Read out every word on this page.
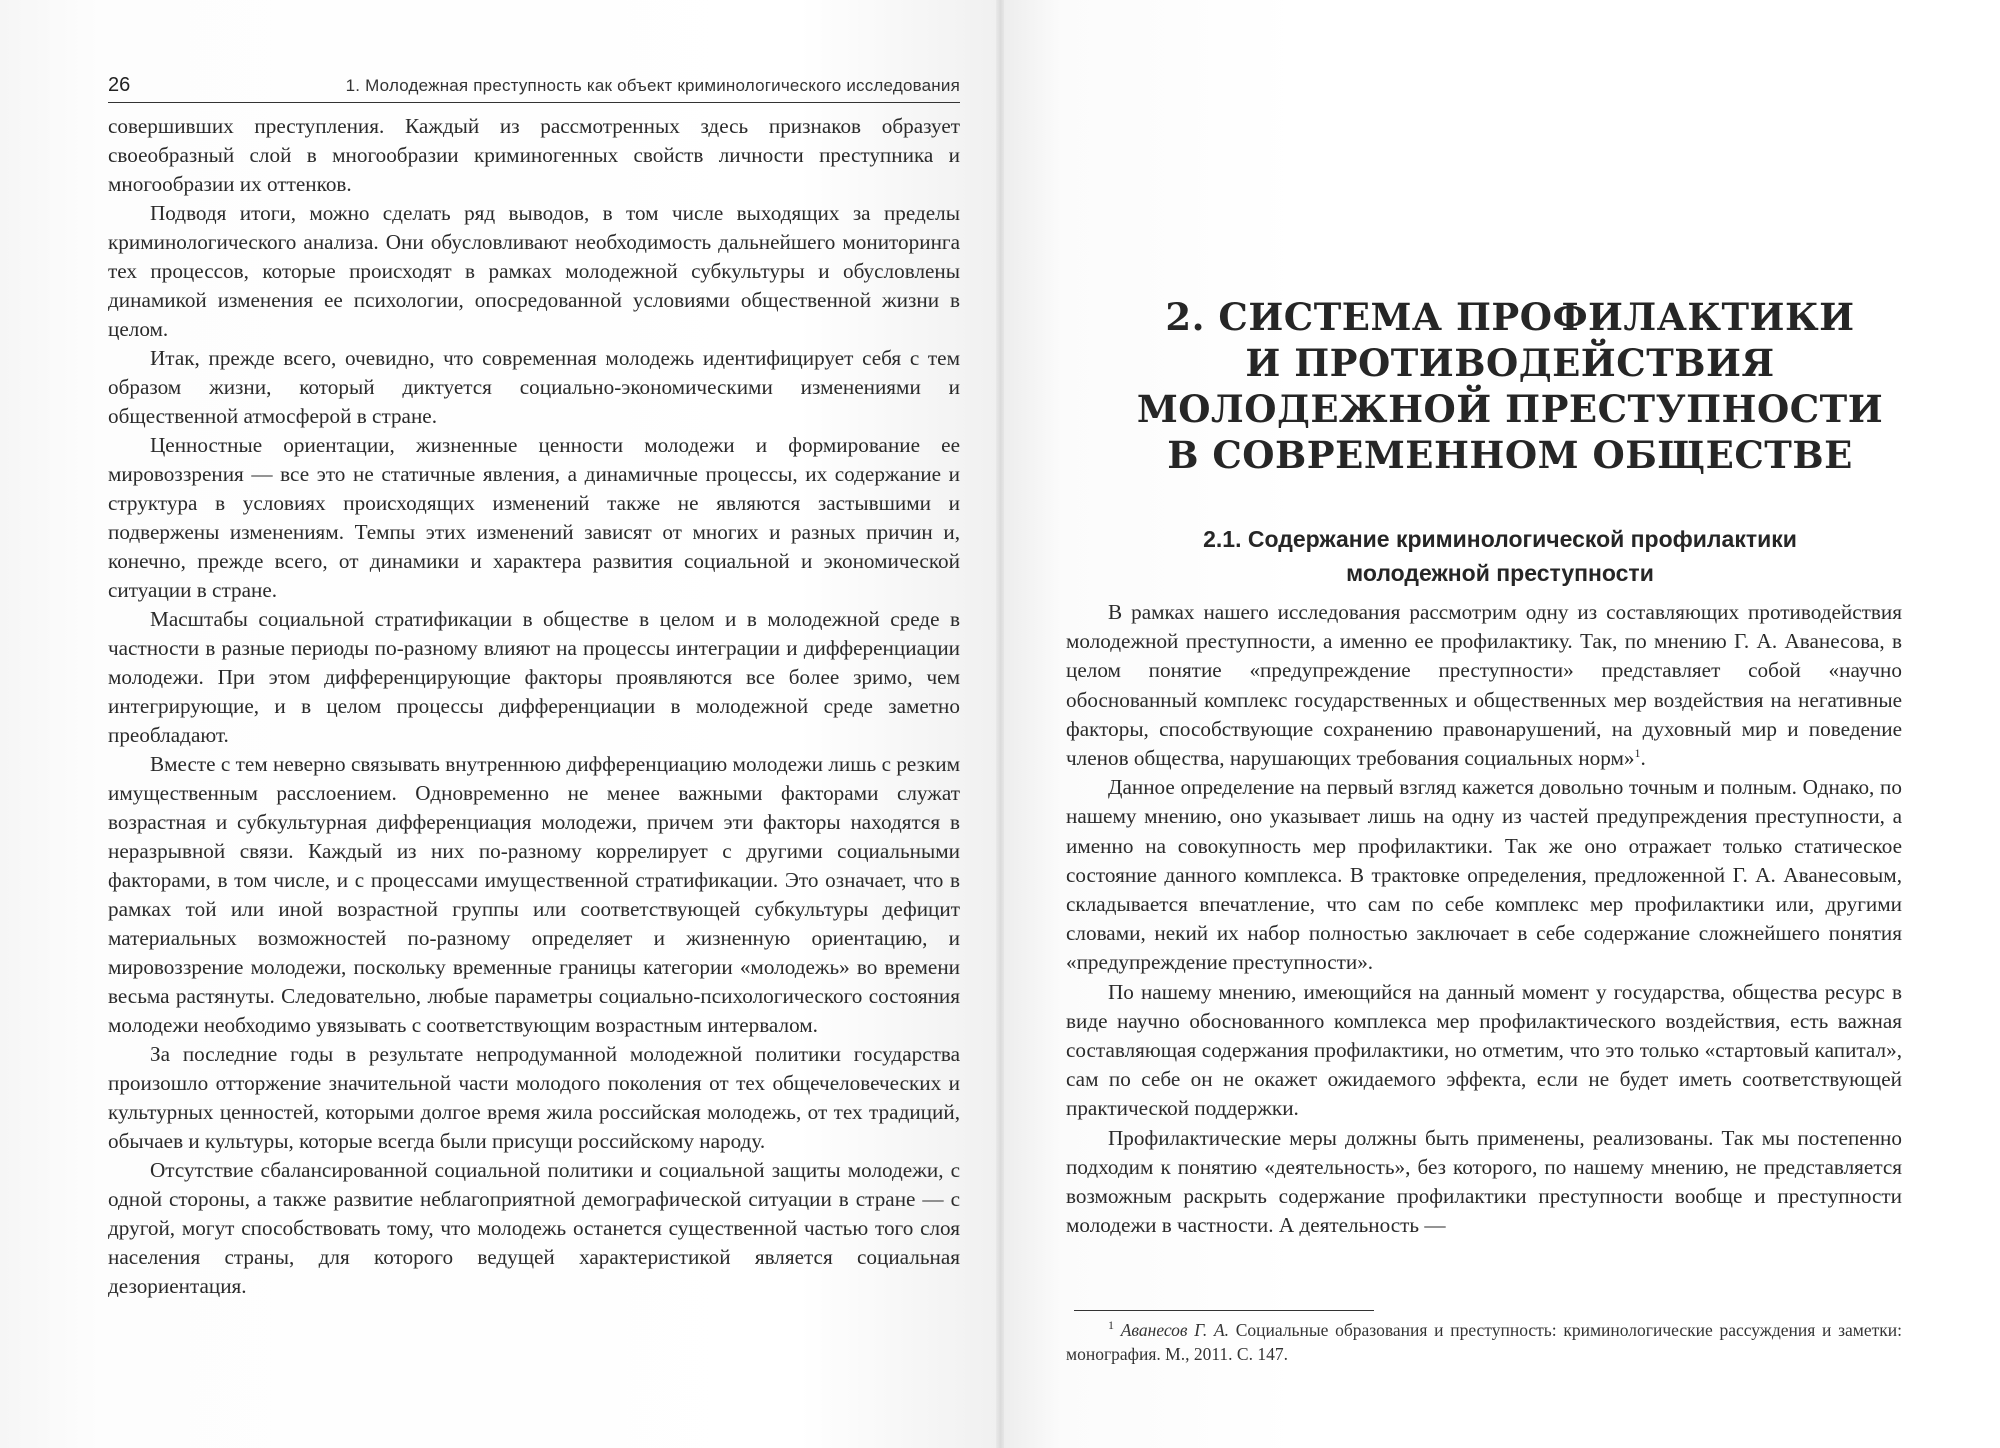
26	1. Молодежная преступность как объект криминологического исследования

совершивших преступления. Каждый из рассмотренных здесь признаков образует своеобразный слой в многообразии криминогенных свойств личности преступника и многообразии их оттенков.

Подводя итоги, можно сделать ряд выводов, в том числе выходящих за пределы криминологического анализа. Они обусловливают необходимость дальнейшего мониторинга тех процессов, которые происходят в рамках молодежной субкультуры и обусловлены динамикой изменения ее психологии, опосредованной условиями общественной жизни в целом.

Итак, прежде всего, очевидно, что современная молодежь идентифицирует себя с тем образом жизни, который диктуется социально-экономическими изменениями и общественной атмосферой в стране.

Ценностные ориентации, жизненные ценности молодежи и формирование ее мировоззрения — все это не статичные явления, а динамичные процессы, их содержание и структура в условиях происходящих изменений также не являются застывшими и подвержены изменениям. Темпы этих изменений зависят от многих и разных причин и, конечно, прежде всего, от динамики и характера развития социальной и экономической ситуации в стране.

Масштабы социальной стратификации в обществе в целом и в молодежной среде в частности в разные периоды по-разному влияют на процессы интеграции и дифференциации молодежи. При этом дифференцирующие факторы проявляются все более зримо, чем интегрирующие, и в целом процессы дифференциации в молодежной среде заметно преобладают.

Вместе с тем неверно связывать внутреннюю дифференциацию молодежи лишь с резким имущественным расслоением. Одновременно не менее важными факторами служат возрастная и субкультурная дифференциация молодежи, причем эти факторы находятся в неразрывной связи. Каждый из них по-разному коррелирует с другими социальными факторами, в том числе, и с процессами имущественной стратификации. Это означает, что в рамках той или иной возрастной группы или соответствующей субкультуры дефицит материальных возможностей по-разному определяет и жизненную ориентацию, и мировоззрение молодежи, поскольку временные границы категории «молодежь» во времени весьма растянуты. Следовательно, любые параметры социально-психологического состояния молодежи необходимо увязывать с соответствующим возрастным интервалом.

За последние годы в результате непродуманной молодежной политики государства произошло отторжение значительной части молодого поколения от тех общечеловеческих и культурных ценностей, которыми долгое время жила российская молодежь, от тех традиций, обычаев и культуры, которые всегда были присущи российскому народу.

Отсутствие сбалансированной социальной политики и социальной защиты молодежи, с одной стороны, а также развитие неблагоприятной демографической ситуации в стране — с другой, могут способствовать тому, что молодежь останется существенной частью того слоя населения страны, для которого ведущей характеристикой является социальная дезориентация.

2. СИСТЕМА ПРОФИЛАКТИКИ
И ПРОТИВОДЕЙСТВИЯ
МОЛОДЕЖНОЙ ПРЕСТУПНОСТИ
В СОВРЕМЕННОМ ОБЩЕСТВЕ
2.1. Содержание криминологической профилактики
молодежной преступности

В рамках нашего исследования рассмотрим одну из составляющих противодействия молодежной преступности, а именно ее профилактику. Так, по мнению Г. А. Аванесова, в целом понятие «предупреждение преступности» представляет собой «научно обоснованный комплекс государственных и общественных мер воздействия на негативные факторы, способствующие сохранению правонарушений, на духовный мир и поведение членов общества, нарушающих требования социальных норм»$^1$.

Данное определение на первый взгляд кажется довольно точным и полным. Однако, по нашему мнению, оно указывает лишь на одну из частей предупреждения преступности, а именно на совокупность мер профилактики. Так же оно отражает только статическое состояние данного комплекса. В трактовке определения, предложенной Г. А. Аванесовым, складывается впечатление, что сам по себе комплекс мер профилактики или, другими словами, некий их набор полностью заключает в себе содержание сложнейшего понятия «предупреждение преступности».

По нашему мнению, имеющийся на данный момент у государства, общества ресурс в виде научно обоснованного комплекса мер профилактического воздействия, есть важная составляющая содержания профилактики, но отметим, что это только «стартовый капитал», сам по себе он не окажет ожидаемого эффекта, если не будет иметь соответствующей практической поддержки.

Профилактические меры должны быть применены, реализованы. Так мы постепенно подходим к понятию «деятельность», без которого, по нашему мнению, не представляется возможным раскрыть содержание профилактики преступности вообще и преступности молодежи в частности. А деятельность —

$^1$ Аванесов Г. А. Социальные образования и преступность: криминологические рассуждения и заметки: монография. М., 2011. С. 147.
